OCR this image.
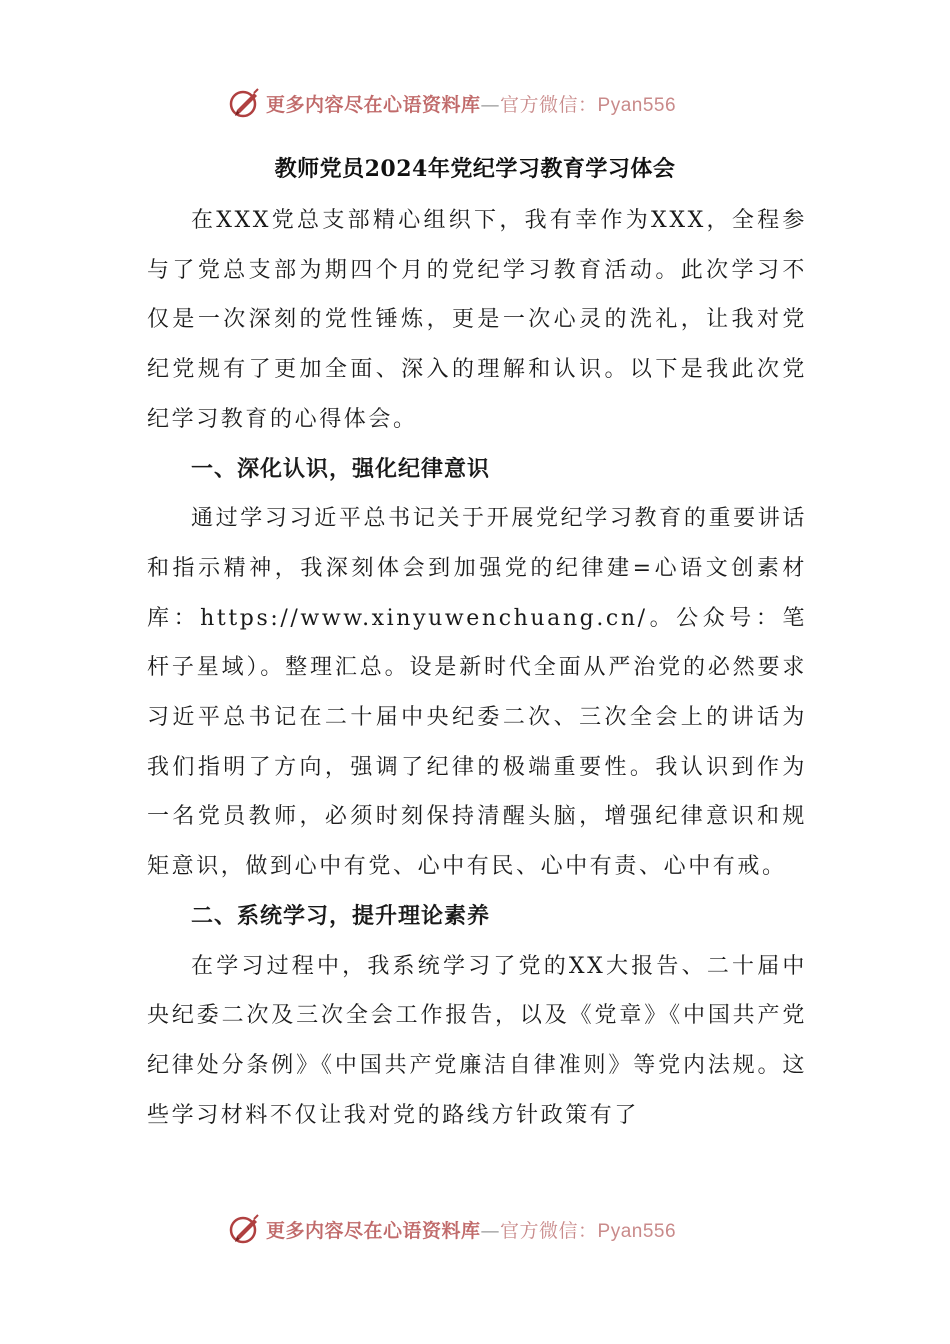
更多内容尽在心语资料库—官方微信：Pyan556
教师党员2024年党纪学习教育学习体会

在XXX党总支部精心组织下，我有幸作为XXX，全程参与了党总支部为期四个月的党纪学习教育活动。此次学习不仅是一次深刻的党性锤炼，更是一次心灵的洗礼，让我对党纪党规有了更加全面、深入的理解和认识。以下是我此次党纪学习教育的心得体会。

一、深化认识，强化纪律意识

通过学习习近平总书记关于开展党纪学习教育的重要讲话和指示精神，我深刻体会到加强党的纪律建=心语文创素材库：https://www.xinyuwenchuang.cn/。公众号：笔杆子星域）。整理汇总。设是新时代全面从严治党的必然要求习近平总书记在二十届中央纪委二次、三次全会上的讲话为我们指明了方向，强调了纪律的极端重要性。我认识到作为一名党员教师，必须时刻保持清醒头脑，增强纪律意识和规矩意识，做到心中有党、心中有民、心中有责、心中有戒。

二、系统学习，提升理论素养

在学习过程中，我系统学习了党的XX大报告、二十届中央纪委二次及三次全会工作报告，以及《党章》《中国共产党纪律处分条例》《中国共产党廉洁自律准则》等党内法规。这些学习材料不仅让我对党的路线方针政策有了

更多内容尽在心语资料库—官方微信：Pyan556
